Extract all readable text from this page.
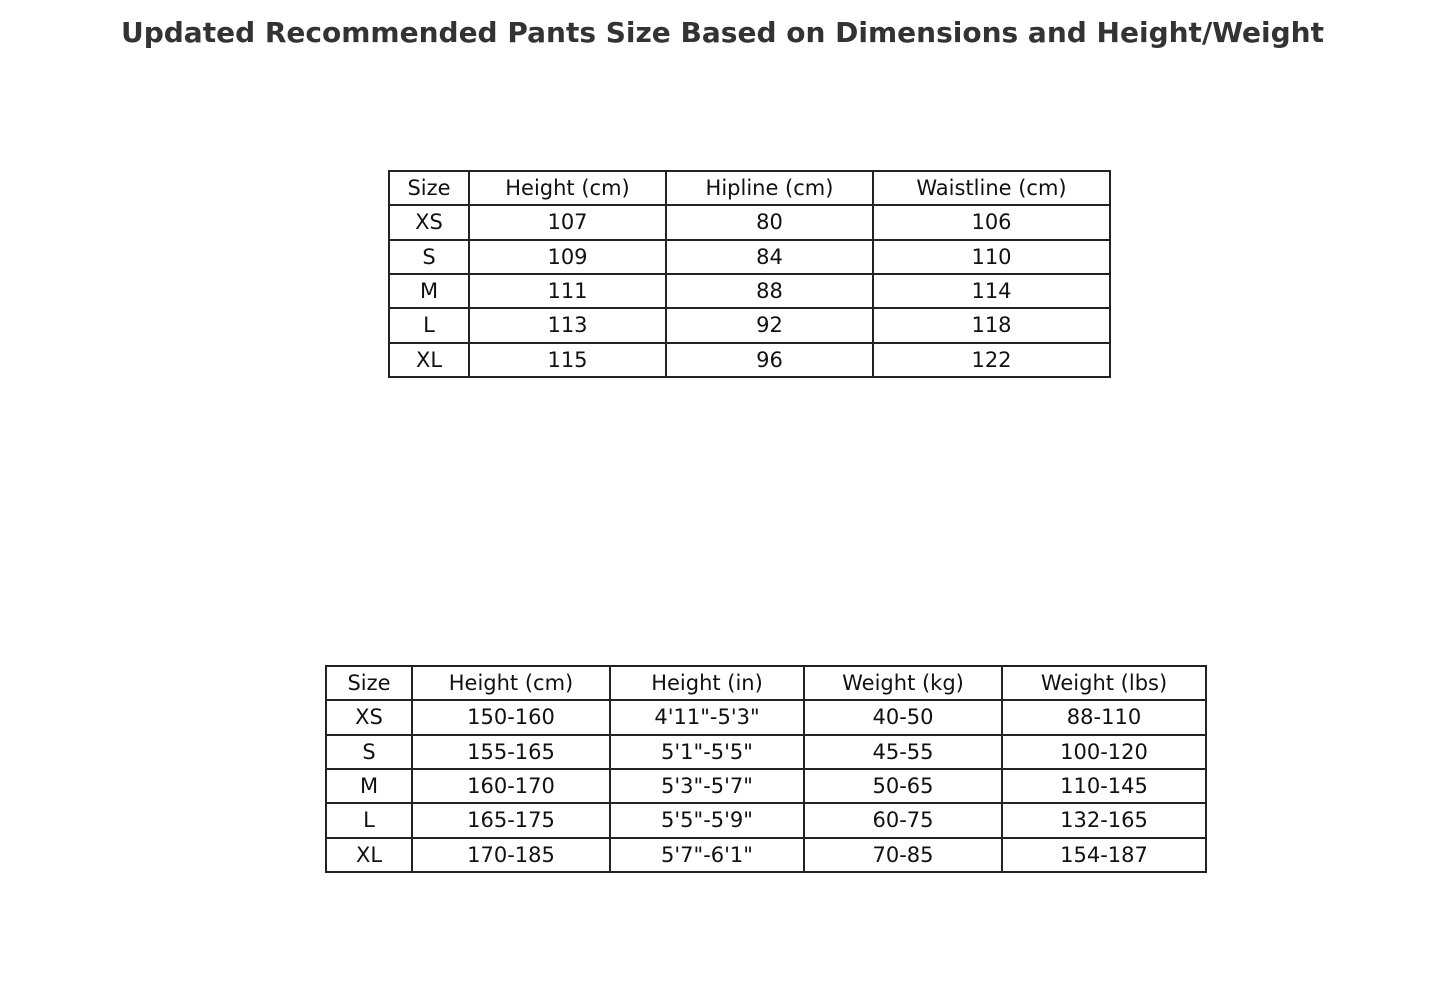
Updated Recommended Pants Size Based on Dimensions and Height/Weight
Size	Height (cm)	Hipline (cm)	Waistline (cm)
XS	107	80	106
S	109	84	110
M	111	88	114
L	113	92	118
XL	115	96	122
Size	Height (cm)	Height (in)	Weight (kg)	Weight (lbs)
XS	150-160	4'11"-5'3"	40-50	88-110
S	155-165	5'1"-5'5"	45-55	100-120
M	160-170	5'3"-5'7"	50-65	110-145
L	165-175	5'5"-5'9"	60-75	132-165
XL	170-185	5'7"-6'1"	70-85	154-187
